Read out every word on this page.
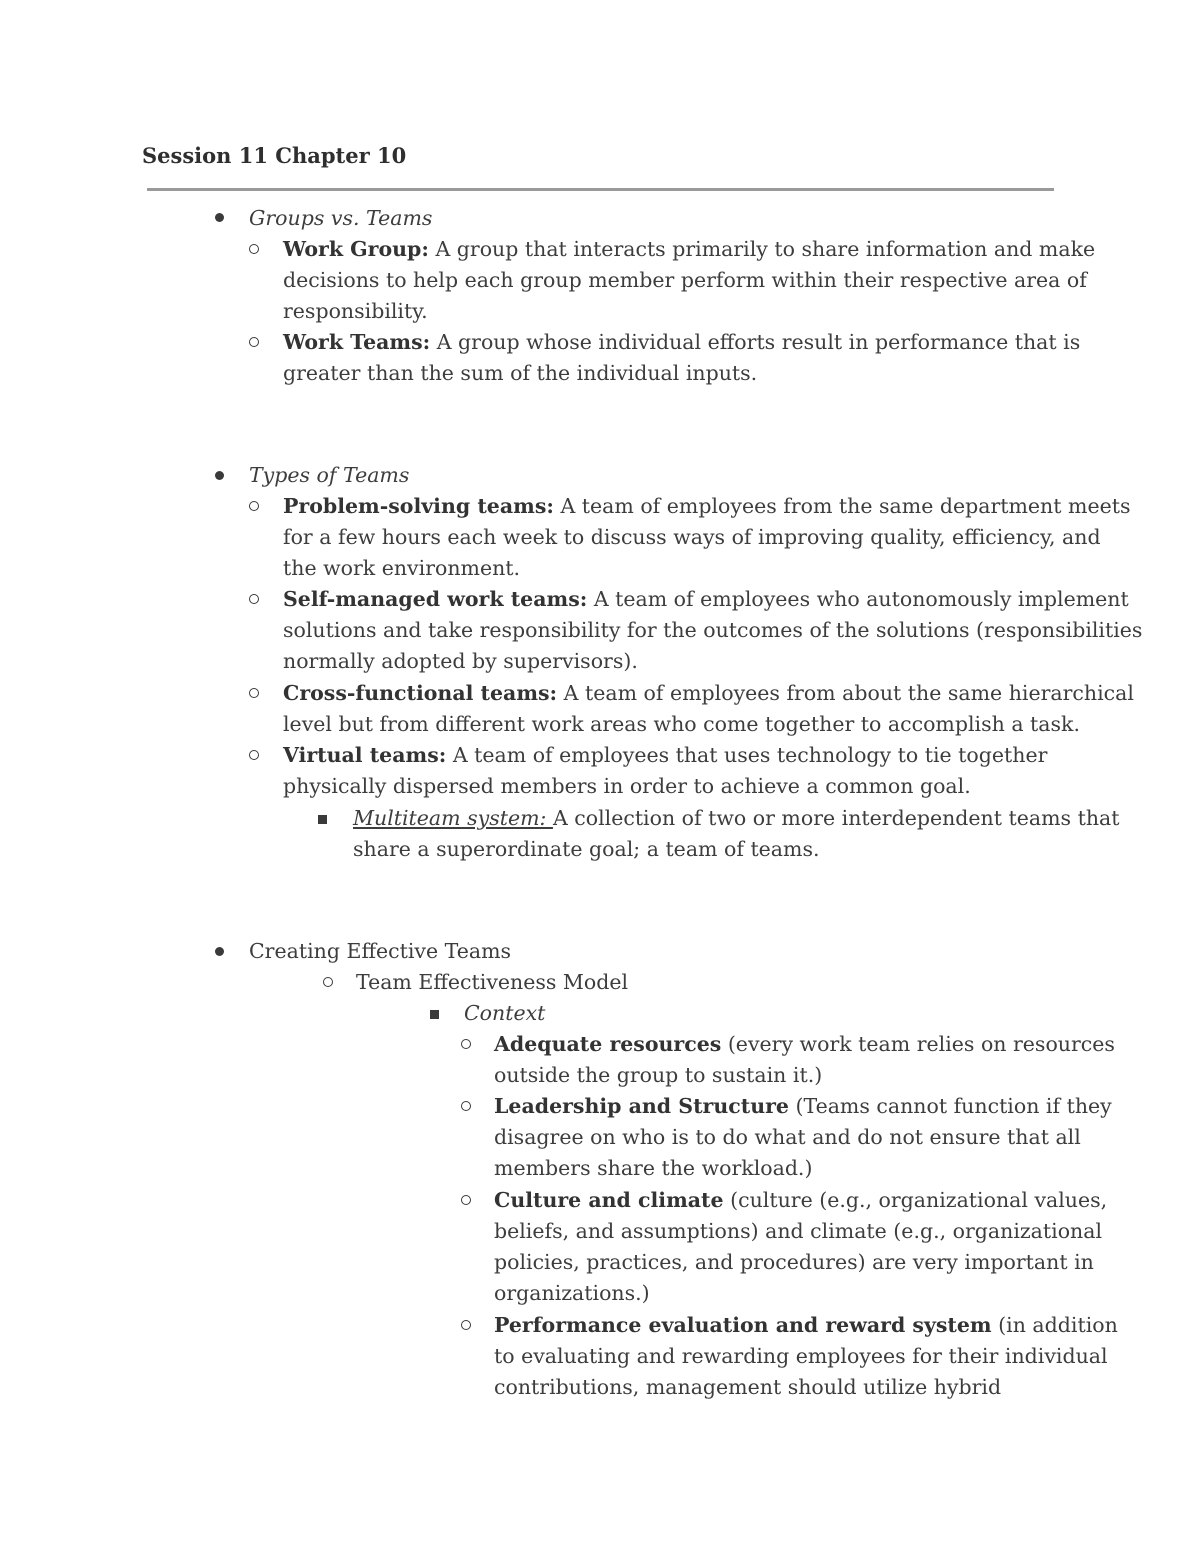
Session 11 Chapter 10
Groups vs. Teams
Work Group: A group that interacts primarily to share information and make
decisions to help each group member perform within their respective area of
responsibility.
Work Teams: A group whose individual efforts result in performance that is
greater than the sum of the individual inputs.
Types of Teams
Problem-solving teams: A team of employees from the same department meets
for a few hours each week to discuss ways of improving quality, efficiency, and
the work environment.
Self-managed work teams: A team of employees who autonomously implement
solutions and take responsibility for the outcomes of the solutions (responsibilities
normally adopted by supervisors).
Cross-functional teams: A team of employees from about the same hierarchical
level but from different work areas who come together to accomplish a task.
Virtual teams: A team of employees that uses technology to tie together
physically dispersed members in order to achieve a common goal.
Multiteam system: A collection of two or more interdependent teams that
share a superordinate goal; a team of teams.
Creating Effective Teams
Team Effectiveness Model
Context
Adequate resources (every work team relies on resources
outside the group to sustain it.)
Leadership and Structure (Teams cannot function if they
disagree on who is to do what and do not ensure that all
members share the workload.)
Culture and climate (culture (e.g., organizational values,
beliefs, and assumptions) and climate (e.g., organizational
policies, practices, and procedures) are very important in
organizations.)
Performance evaluation and reward system (in addition
to evaluating and rewarding employees for their individual
contributions, management should utilize hybrid
